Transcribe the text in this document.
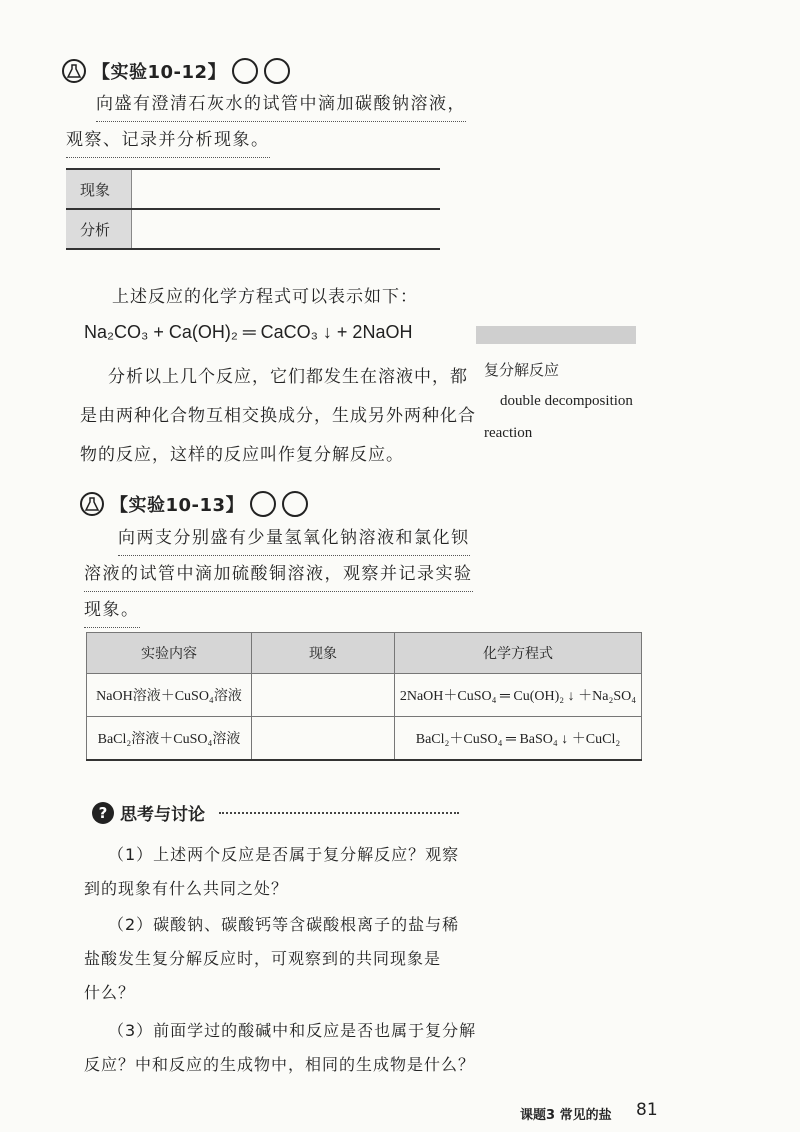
【实验10-12】
向盛有澄清石灰水的试管中滴加碳酸钠溶液，
观察、记录并分析现象。
现象	
分析	
上述反应的化学方程式可以表示如下：
Na₂CO₃ + Ca(OH)₂ ═ CaCO₃ ↓ + 2NaOH
分析以上几个反应，它们都发生在溶液中，都
是由两种化合物互相交换成分，生成另外两种化合
物的反应，这样的反应叫作复分解反应。
复分解反应
double decomposition
reaction
【实验10-13】
向两支分别盛有少量氢氧化钠溶液和氯化钡
溶液的试管中滴加硫酸铜溶液，观察并记录实验
现象。
实验内容	现象	化学方程式
NaOH溶液＋CuSO₄溶液		2NaOH＋CuSO₄ ═ Cu(OH)₂ ↓ ＋Na₂SO₄
BaCl₂溶液＋CuSO₄溶液		BaCl₂＋CuSO₄ ═ BaSO₄ ↓ ＋CuCl₂
? 思考与讨论
（1）上述两个反应是否属于复分解反应？观察
到的现象有什么共同之处？
（2）碳酸钠、碳酸钙等含碳酸根离子的盐与稀
盐酸发生复分解反应时，可观察到的共同现象是
什么？
（3）前面学过的酸碱中和反应是否也属于复分解
反应？中和反应的生成物中，相同的生成物是什么？
课题3 常见的盐 81
